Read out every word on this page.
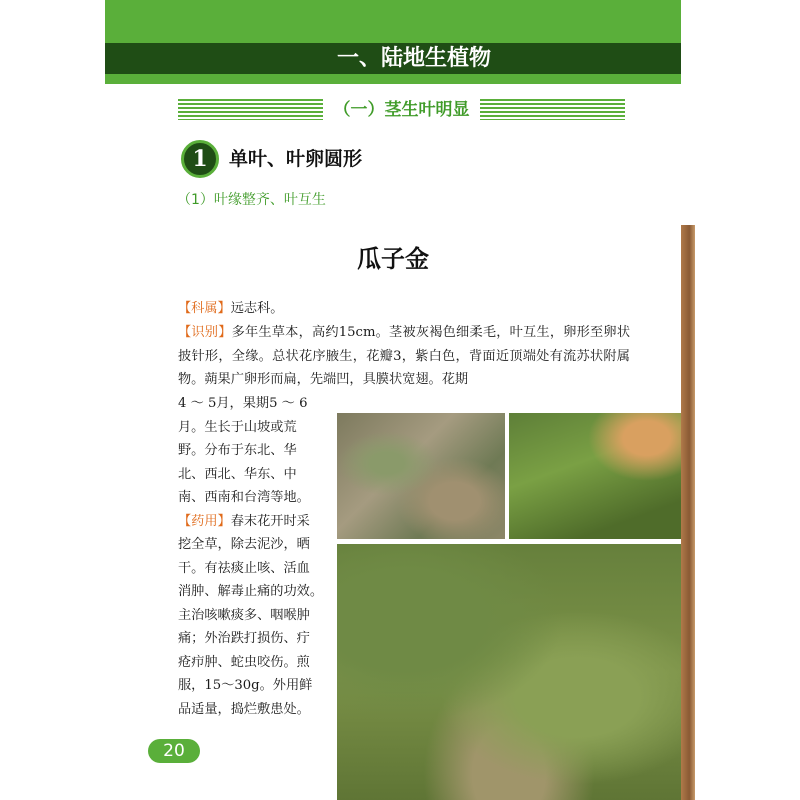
一、陆地生植物
（一）茎生叶明显
1	单叶、叶卵圆形
（1）叶缘整齐、叶互生
瓜子金
【科属】远志科。
【识别】多年生草本，高约15cm。茎被灰褐色细柔毛，叶互生，卵形至卵状披针形，全缘。总状花序腋生，花瓣3，紫白色，背面近顶端处有流苏状附属物。蒴果广卵形而扁，先端凹，具膜状宽翅。花期
4 ～ 5月，果期5 ～ 6
月。生长于山坡或荒
野。分布于东北、华
北、西北、华东、中
南、西南和台湾等地。
【药用】春末花开时采
挖全草，除去泥沙，晒
干。有祛痰止咳、活血
消肿、解毒止痛的功效。
主治咳嗽痰多、咽喉肿
痛；外治跌打损伤、疔
疮疖肿、蛇虫咬伤。煎
服，15～30g。外用鲜
品适量，捣烂敷患处。
20
